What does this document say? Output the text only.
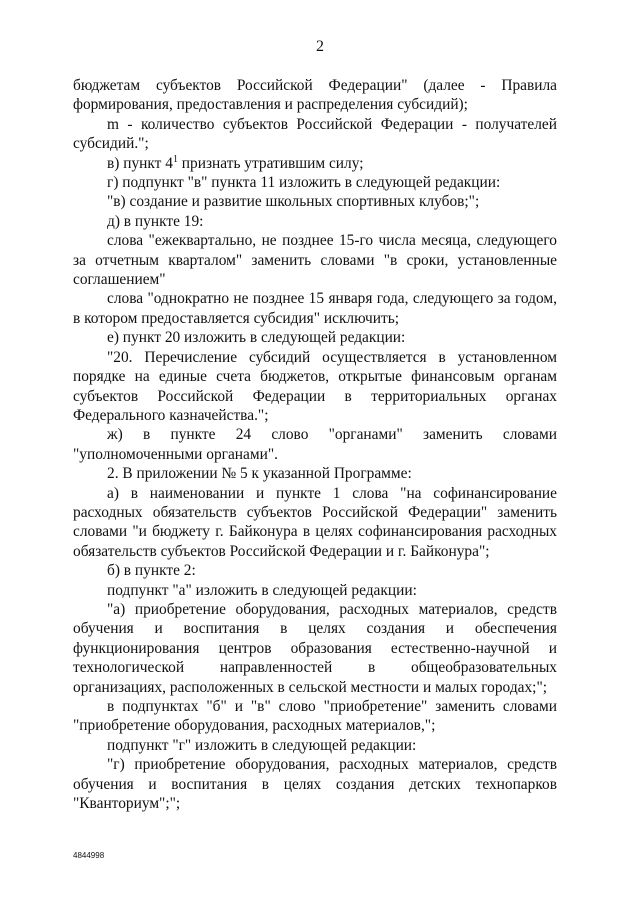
2

бюджетам субъектов Российской Федерации" (далее - Правила формирования, предоставления и распределения субсидий);

m - количество субъектов Российской Федерации - получателей субсидий.";

в) пункт $4^1$ признать утратившим силу;

г) подпункт "в" пункта 11 изложить в следующей редакции:

"в) создание и развитие школьных спортивных клубов;";

д) в пункте 19:

слова "ежеквартально, не позднее 15-го числа месяца, следующего за отчетным кварталом" заменить словами "в сроки, установленные соглашением"

слова "однократно не позднее 15 января года, следующего за годом, в котором предоставляется субсидия" исключить;

е) пункт 20 изложить в следующей редакции:

"20. Перечисление субсидий осуществляется в установленном порядке на единые счета бюджетов, открытые финансовым органам субъектов Российской Федерации в территориальных органах Федерального казначейства.";

ж) в пункте 24 слово "органами" заменить словами "уполномоченными органами".

2. В приложении № 5 к указанной Программе:

а) в наименовании и пункте 1 слова "на софинансирование расходных обязательств субъектов Российской Федерации" заменить словами "и бюджету г. Байконура в целях софинансирования расходных обязательств субъектов Российской Федерации и г. Байконура";

б) в пункте 2:

подпункт "а" изложить в следующей редакции:

"а) приобретение оборудования, расходных материалов, средств обучения и воспитания в целях создания и обеспечения функционирования центров образования естественно-научной и технологической направленностей в общеобразовательных организациях, расположенных в сельской местности и малых городах;";

в подпунктах "б" и "в" слово "приобретение" заменить словами "приобретение оборудования, расходных материалов,";

подпункт "г" изложить в следующей редакции:

"г) приобретение оборудования, расходных материалов, средств обучения и воспитания в целях создания детских технопарков "Кванториум";";

4844998
